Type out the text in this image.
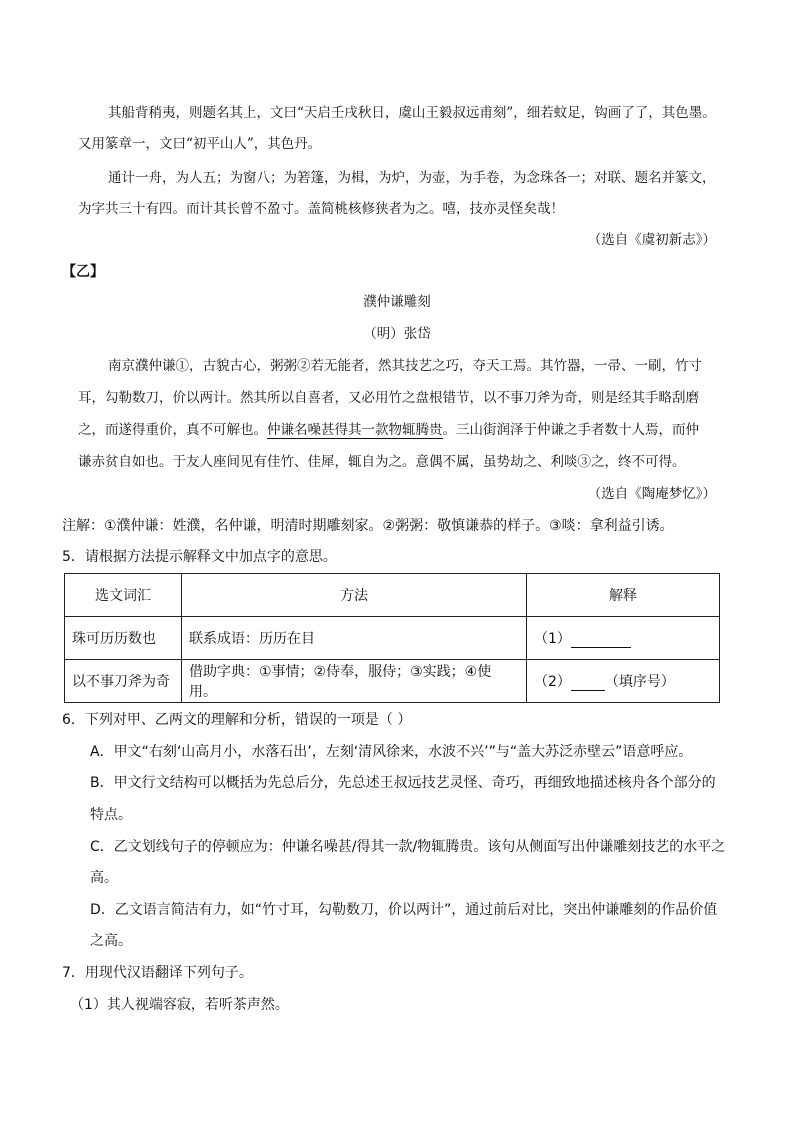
其船背稍夷，则题名其上，文曰“天启壬戌秋日，虞山王毅叔远甫刻”，细若蚊足，钩画了了，其色墨。
又用篆章一，文曰“初平山人”，其色丹。
通计一舟，为人五；为窗八；为箬篷，为楫，为炉，为壶，为手卷，为念珠各一；对联、题名并篆文，
为字共三十有四。而计其长曾不盈寸。盖简桃核修狭者为之。嘻，技亦灵怪矣哉！
（选自《虞初新志》）
【乙】
濮仲谦雕刻
（明）张岱
南京濮仲谦①，古貌古心，粥粥②若无能者，然其技艺之巧，夺天工焉。其竹器，一帚、一刷，竹寸
耳，勾勒数刀，价以两计。然其所以自喜者，又必用竹之盘根错节，以不事刀斧为奇，则是经其手略刮磨
之，而遂得重价，真不可解也。仲谦名噪甚得其一款物辄腾贵。三山街润泽于仲谦之手者数十人焉，而仲
谦赤贫自如也。于友人座间见有佳竹、佳犀，辄自为之。意偶不属，虽势劫之、利啖③之，终不可得。
（选自《陶庵梦忆》）
注解：①濮仲谦：姓濮，名仲谦，明清时期雕刻家。②粥粥：敬慎谦恭的样子。③啖：拿利益引诱。
5．请根据方法提示解释文中加点字的意思。
选文词汇	方法	解释
珠可历历数也	联系成语：历历在目	（1）
以不事刀斧为奇	借助字典：①事情；②侍奉，服侍；③实践；④使用。	（2） （填序号）
6．下列对甲、乙两文的理解和分析，错误的一项是（ ）
A．甲文“右刻‘山高月小，水落石出’，左刻‘清风徐来，水波不兴’”与“盖大苏泛赤壁云”语意呼应。
B．甲文行文结构可以概括为先总后分，先总述王叔远技艺灵怪、奇巧，再细致地描述核舟各个部分的
特点。
C．乙文划线句子的停顿应为：仲谦名噪甚/得其一款/物辄腾贵。该句从侧面写出仲谦雕刻技艺的水平之
高。
D．乙文语言简洁有力，如“竹寸耳，勾勒数刀，价以两计”，通过前后对比，突出仲谦雕刻的作品价值
之高。
7．用现代汉语翻译下列句子。
（1）其人视端容寂，若听茶声然。
